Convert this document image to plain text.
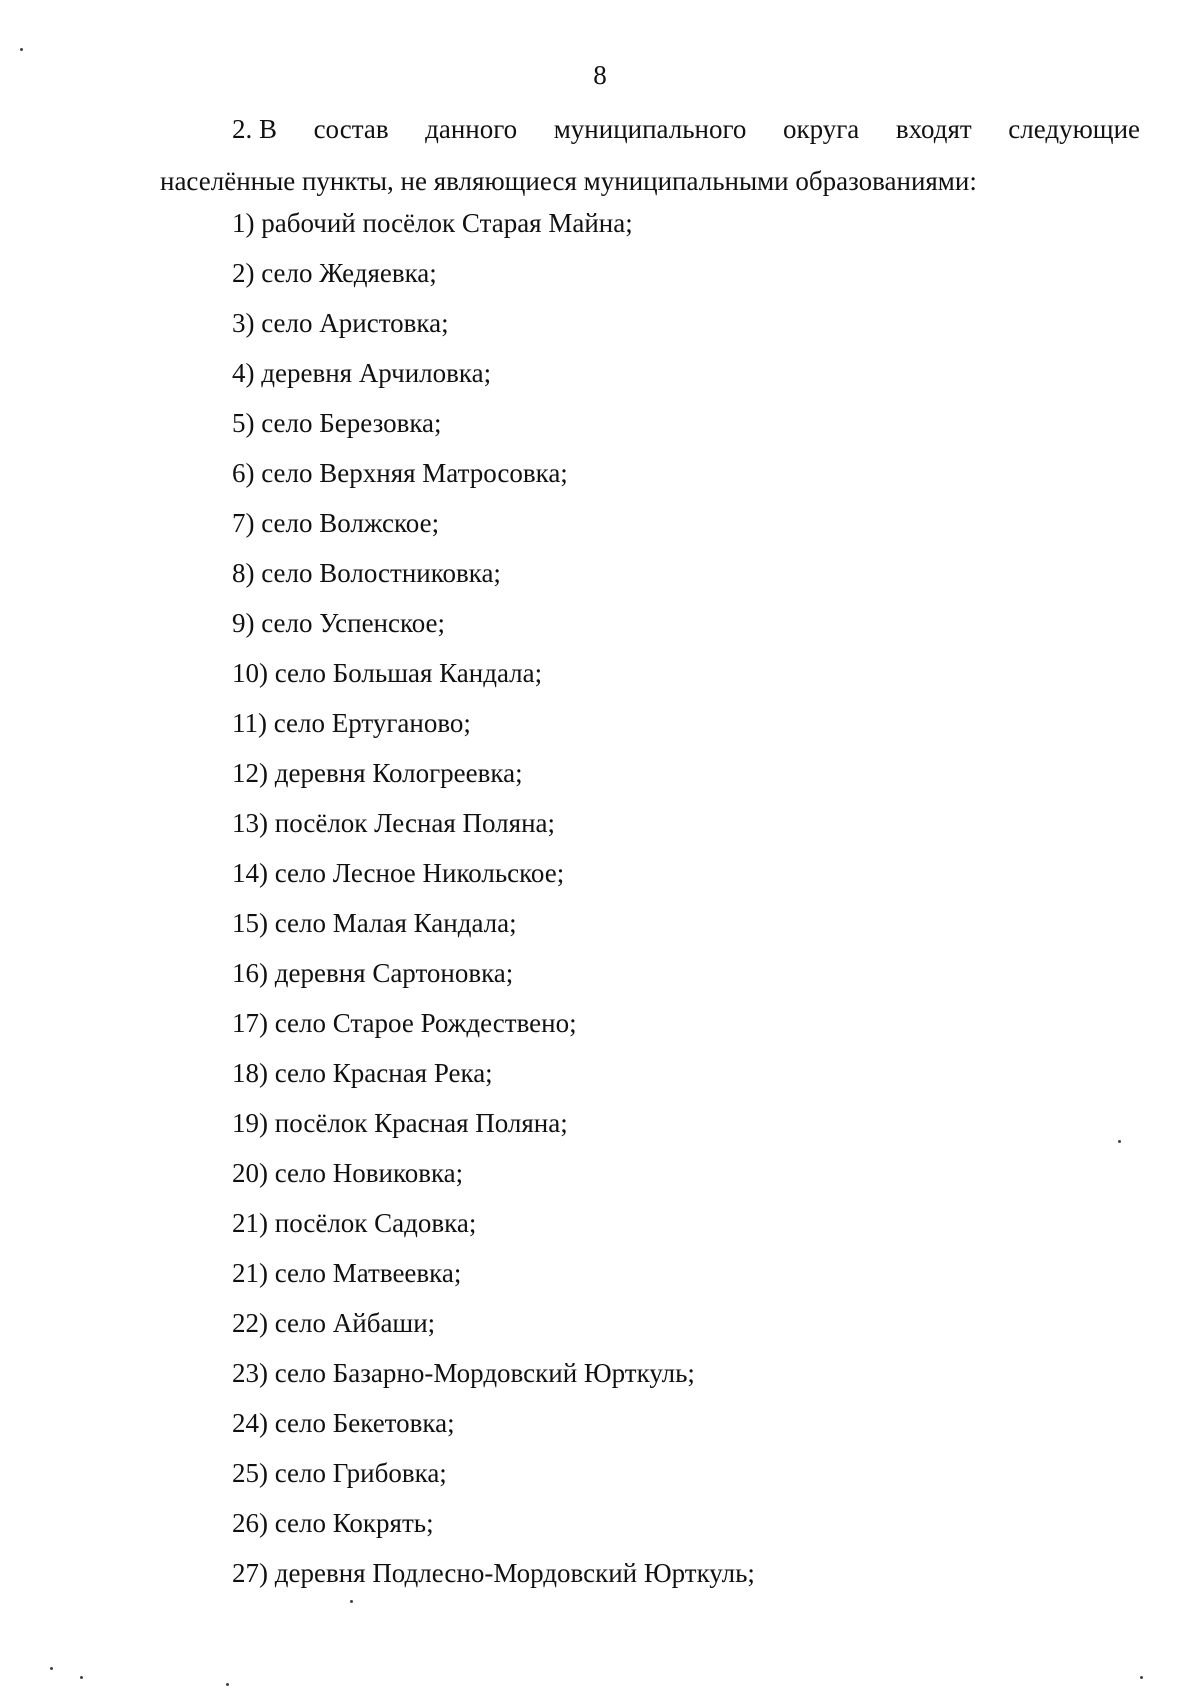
8
2. В состав данного муниципального округа входят следующие
населённые пункты, не являющиеся муниципальными образованиями:
1) рабочий посёлок Старая Майна;
2) село Жедяевка;
3) село Аристовка;
4) деревня Арчиловка;
5) село Березовка;
6) село Верхняя Матросовка;
7) село Волжское;
8) село Волостниковка;
9) село Успенское;
10) село Большая Кандала;
11) село Ертуганово;
12) деревня Кологреевка;
13) посёлок Лесная Поляна;
14) село Лесное Никольское;
15) село Малая Кандала;
16) деревня Сартоновка;
17) село Старое Рождествено;
18) село Красная Река;
19) посёлок Красная Поляна;
20) село Новиковка;
21) посёлок Садовка;
21) село Матвеевка;
22) село Айбаши;
23) село Базарно-Мордовский Юрткуль;
24) село Бекетовка;
25) село Грибовка;
26) село Кокрять;
27) деревня Подлесно-Мордовский Юрткуль;
